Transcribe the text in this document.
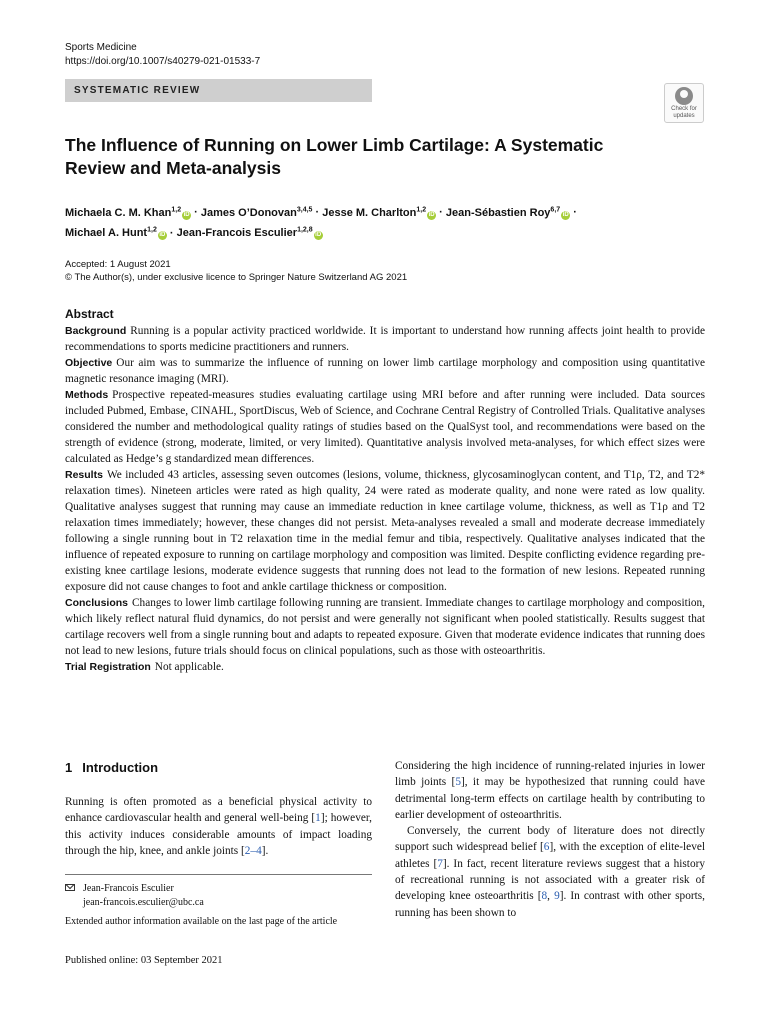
Sports Medicine
https://doi.org/10.1007/s40279-021-01533-7
SYSTEMATIC REVIEW
Check for
updates
The Influence of Running on Lower Limb Cartilage: A Systematic Review and Meta-analysis
Michaela C. M. Khan$^{1,2}$iD · James O’Donovan$^{3,4,5}$ · Jesse M. Charlton$^{1,2}$iD · Jean-Sébastien Roy$^{6,7}$iD ·
Michael A. Hunt$^{1,2}$iD · Jean-Francois Esculier$^{1,2,8}$iD
Accepted: 1 August 2021
© The Author(s), under exclusive licence to Springer Nature Switzerland AG 2021
Abstract
Background Running is a popular activity practiced worldwide. It is important to understand how running affects joint health to provide recommendations to sports medicine practitioners and runners.
Objective Our aim was to summarize the influence of running on lower limb cartilage morphology and composition using quantitative magnetic resonance imaging (MRI).
Methods Prospective repeated-measures studies evaluating cartilage using MRI before and after running were included. Data sources included Pubmed, Embase, CINAHL, SportDiscus, Web of Science, and Cochrane Central Registry of Controlled Trials. Qualitative analyses considered the number and methodological quality ratings of studies based on the QualSyst tool, and recommendations were based on the strength of evidence (strong, moderate, limited, or very limited). Quantitative analysis involved meta-analyses, for which effect sizes were calculated as Hedge’s g standardized mean differences.
Results We included 43 articles, assessing seven outcomes (lesions, volume, thickness, glycosaminoglycan content, and T1ρ, T2, and T2* relaxation times). Nineteen articles were rated as high quality, 24 were rated as moderate quality, and none were rated as low quality. Qualitative analyses suggest that running may cause an immediate reduction in knee cartilage volume, thickness, as well as T1ρ and T2 relaxation times immediately; however, these changes did not persist. Meta-analyses revealed a small and moderate decrease immediately following a single running bout in T2 relaxation time in the medial femur and tibia, respectively. Qualitative analyses indicated that the influence of repeated exposure to running on cartilage morphology and composition was limited. Despite conflicting evidence regarding pre-existing knee cartilage lesions, moderate evidence suggests that running does not lead to the formation of new lesions. Repeated running exposure did not cause changes to foot and ankle cartilage thickness or composition.
Conclusions Changes to lower limb cartilage following running are transient. Immediate changes to cartilage morphology and composition, which likely reflect natural fluid dynamics, do not persist and were generally not significant when pooled statistically. Results suggest that cartilage recovers well from a single running bout and adapts to repeated exposure. Given that moderate evidence indicates that running does not lead to new lesions, future trials should focus on clinical populations, such as those with osteoarthritis.
Trial Registration Not applicable.
1 Introduction

Running is often promoted as a beneficial physical activity to enhance cardiovascular health and general well-being [1]; however, this activity induces considerable amounts of impact loading through the hip, knee, and ankle joints [2–4].

Jean-Francois Esculier
jean-francois.esculier@ubc.ca
Extended author information available on the last page of the article

Considering the high incidence of running-related injuries in lower limb joints [5], it may be hypothesized that running could have detrimental long-term effects on cartilage health by contributing to earlier development of osteoarthritis.

Conversely, the current body of literature does not directly support such widespread belief [6], with the exception of elite-level athletes [7]. In fact, recent literature reviews suggest that a history of recreational running is not associated with a greater risk of developing knee osteoarthritis [8, 9]. In contrast with other sports, running has been shown to

Published online: 03 September 2021
